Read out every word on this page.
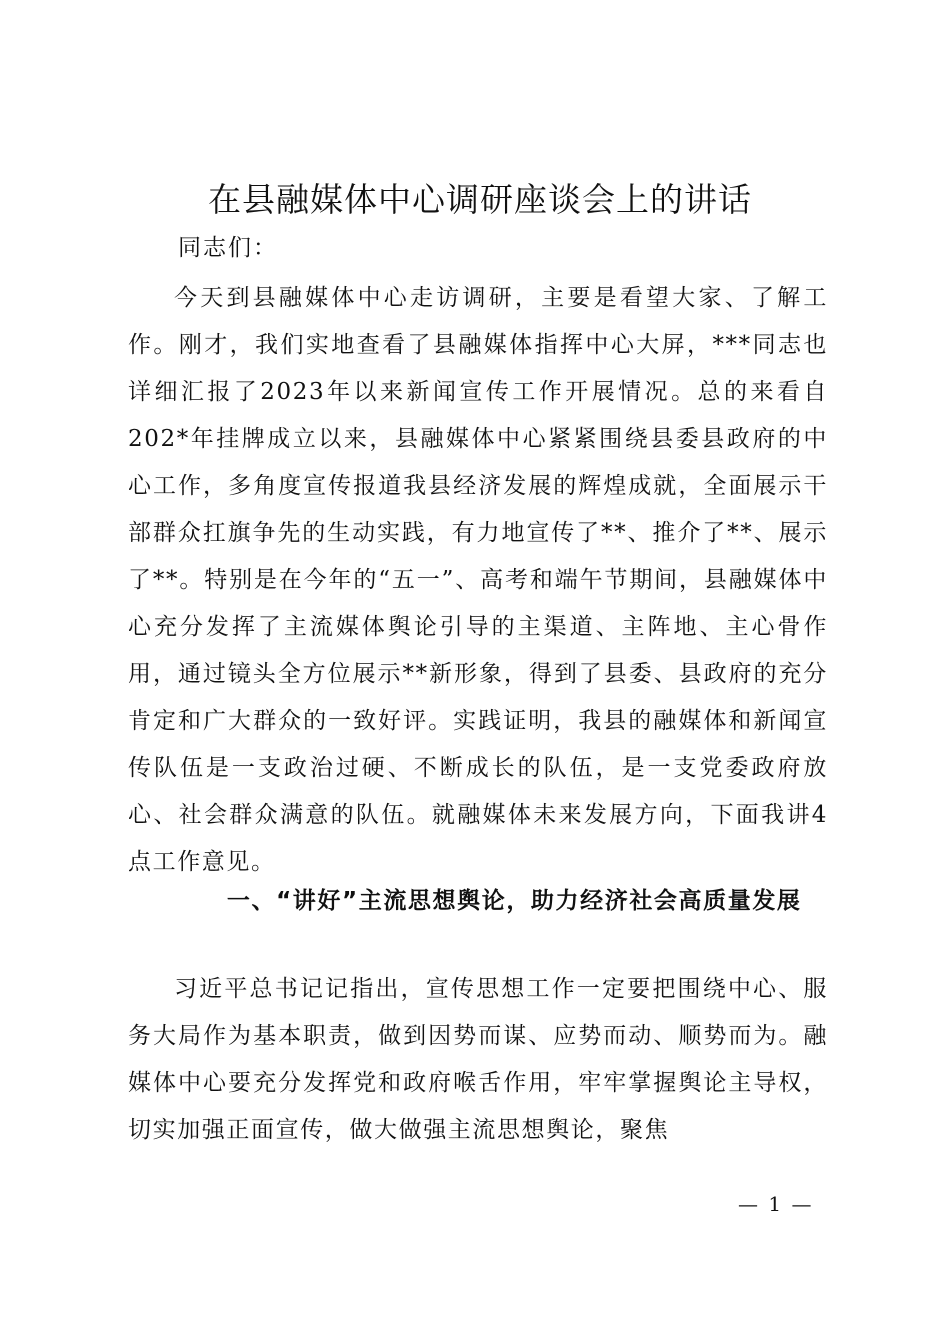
在县融媒体中心调研座谈会上的讲话
同志们：

今天到县融媒体中心走访调研，主要是看望大家、了解工作。刚才，我们实地查看了县融媒体指挥中心大屏，***同志也详细汇报了2023年以来新闻宣传工作开展情况。总的来看自202*年挂牌成立以来，县融媒体中心紧紧围绕县委县政府的中心工作，多角度宣传报道我县经济发展的辉煌成就，全面展示干部群众扛旗争先的生动实践，有力地宣传了**、推介了**、展示了**。特别是在今年的“五一”、高考和端午节期间，县融媒体中心充分发挥了主流媒体舆论引导的主渠道、主阵地、主心骨作用，通过镜头全方位展示**新形象，得到了县委、县政府的充分肯定和广大群众的一致好评。实践证明，我县的融媒体和新闻宣传队伍是一支政治过硬、不断成长的队伍，是一支党委政府放心、社会群众满意的队伍。就融媒体未来发展方向，下面我讲4点工作意见。

一、“讲好”主流思想舆论，助力经济社会高质量发展

习近平总书记记指出，宣传思想工作一定要把围绕中心、服务大局作为基本职责，做到因势而谋、应势而动、顺势而为。融媒体中心要充分发挥党和政府喉舌作用，牢牢掌握舆论主导权，切实加强正面宣传，做大做强主流思想舆论，聚焦

— 1 —
